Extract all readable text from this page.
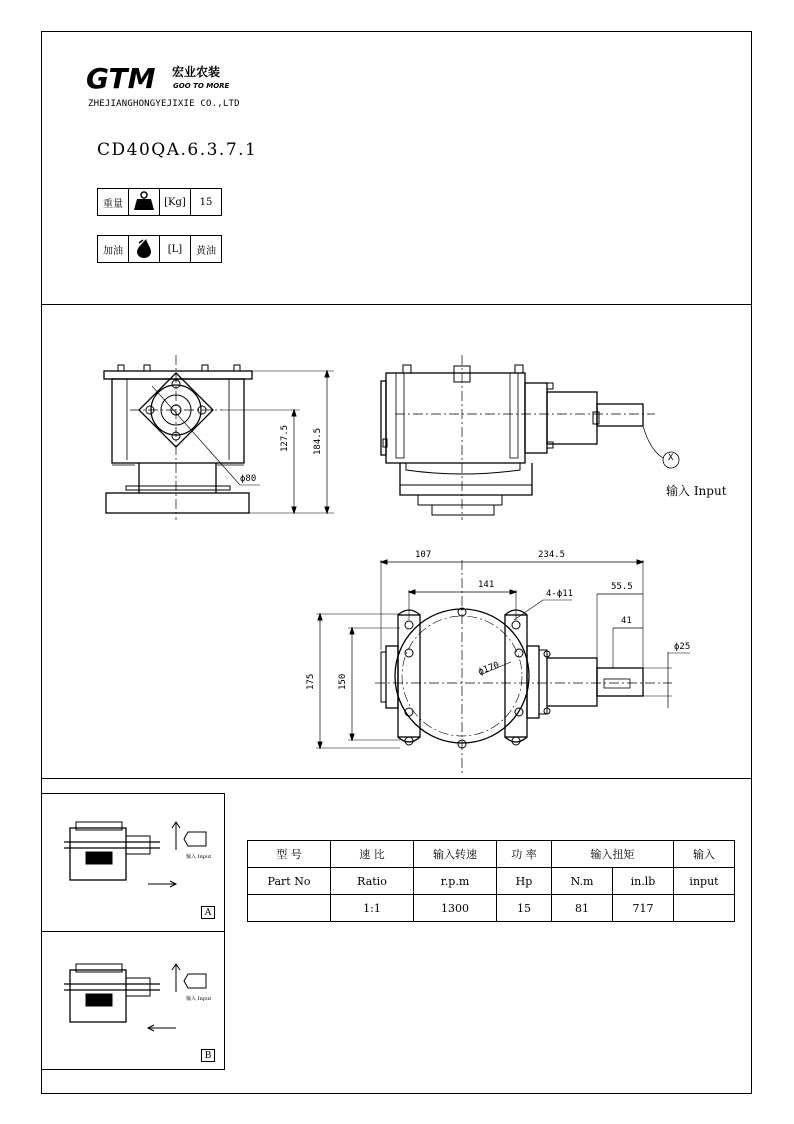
GTM 宏业农装
GOO TO MORE
ZHEJIANGHONGYEJIXIE CO.,LTD
CD40QA.6.3.7.1
重量		[Kg]	15
加油		[L]	黄油
127.5	184.5
ϕ80
X
输入 Input
107	234.5
141
4-ϕ11
55.5
41
ϕ25
ϕ170
175 150
输入 Input
输入 Input
A
B
型 号	速 比	输入转速	功 率	输入扭矩		输入
Part No	Ratio	r.p.m	Hp	N.m	in.lb	input
	1:1	1300	15	81	717	
